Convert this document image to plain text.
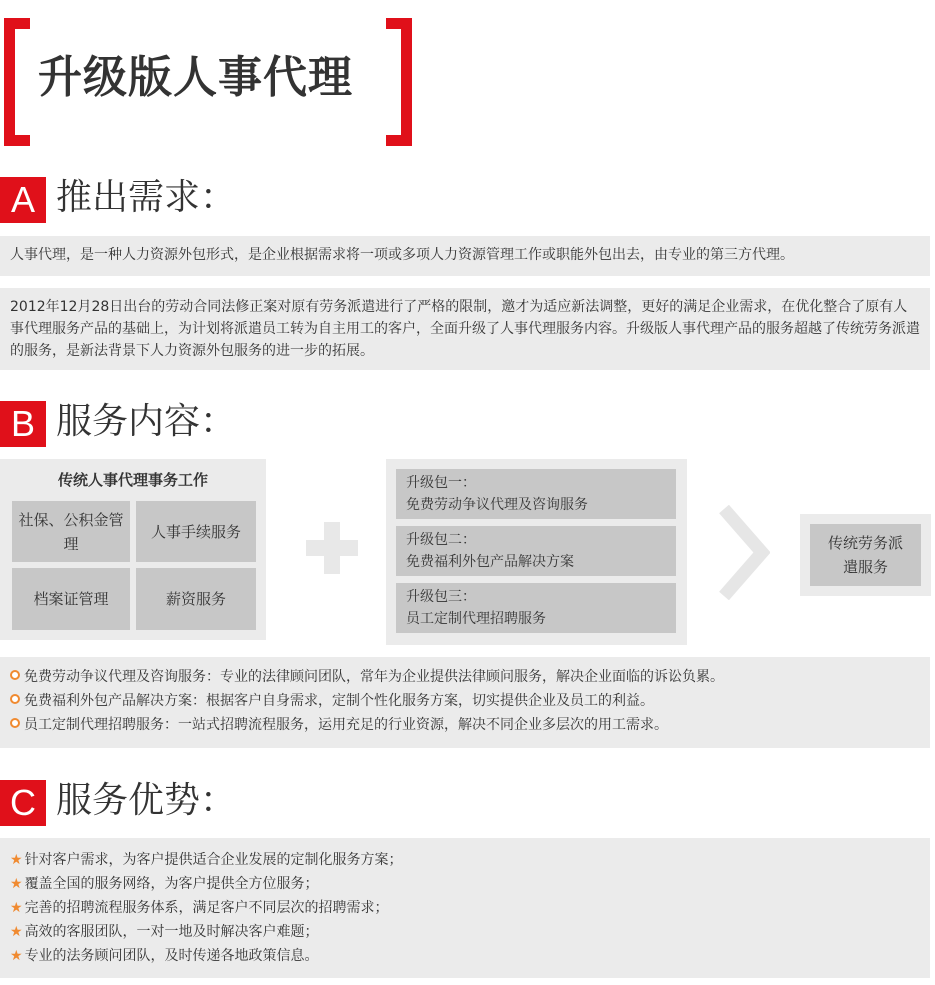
升级版人事代理
A 推出需求：
人事代理，是一种人力资源外包形式，是企业根据需求将一项或多项人力资源管理工作或职能外包出去，由专业的第三方代理。
2012年12月28日出台的劳动合同法修正案对原有劳务派遣进行了严格的限制，邀才为适应新法调整，更好的满足企业需求，在优化整合了原有人事代理服务产品的基础上，为计划将派遣员工转为自主用工的客户，全面升级了人事代理服务内容。升级版人事代理产品的服务超越了传统劳务派遣的服务，是新法背景下人力资源外包服务的进一步的拓展。
B 服务内容：
传统人事代理事务工作
社保、公积金管理
人事手续服务
档案证管理	薪资服务
升级包一：
免费劳动争议代理及咨询服务
升级包二：
免费福利外包产品解决方案
升级包三：
员工定制代理招聘服务
传统劳务派遣服务
免费劳动争议代理及咨询服务：专业的法律顾问团队，常年为企业提供法律顾问服务，解决企业面临的诉讼负累。
免费福利外包产品解决方案：根据客户自身需求，定制个性化服务方案，切实提供企业及员工的利益。
员工定制代理招聘服务：一站式招聘流程服务，运用充足的行业资源，解决不同企业多层次的用工需求。
C 服务优势：
★ 针对客户需求，为客户提供适合企业发展的定制化服务方案；
★ 覆盖全国的服务网络，为客户提供全方位服务；
★ 完善的招聘流程服务体系，满足客户不同层次的招聘需求；
★ 高效的客服团队，一对一地及时解决客户难题；
★ 专业的法务顾问团队，及时传递各地政策信息。
